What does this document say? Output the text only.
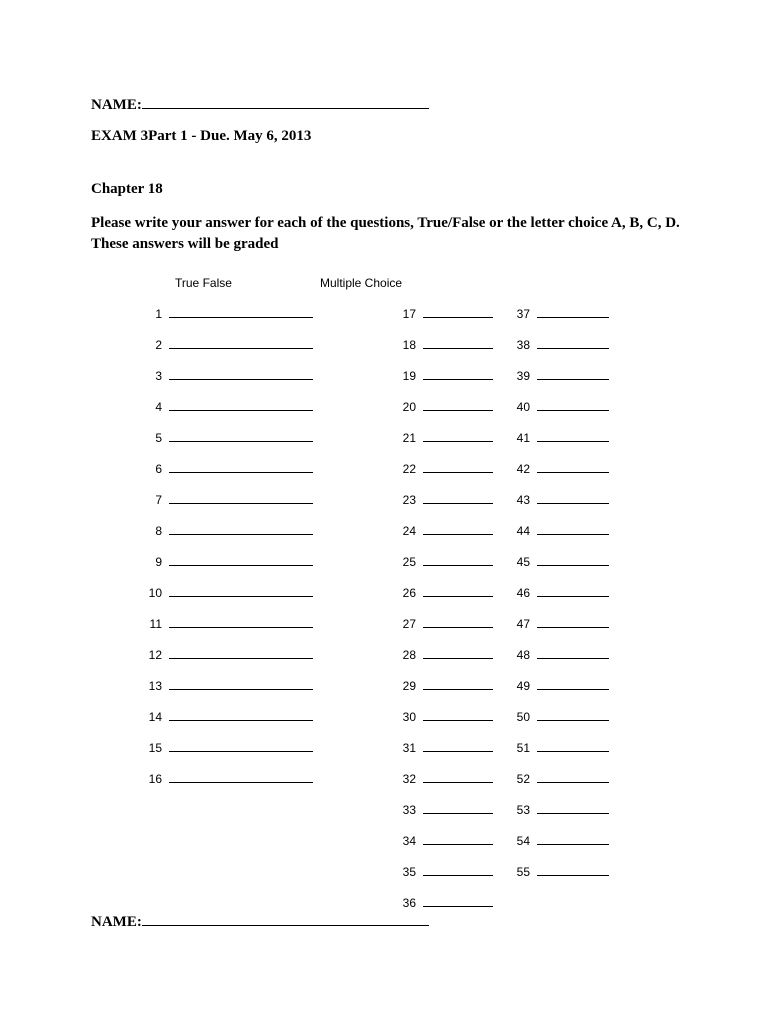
NAME:
EXAM 3Part 1 - Due. May 6, 2013
Chapter 18
Please write your answer for each of the questions, True/False or the letter choice A, B, C, D. These answers will be graded
True False	Multiple Choice
1
2
3
4
5
6
7
8
9
10
11
12
13
14
15
16
17
18
19
20
21
22
23
24
25
26
27
28
29
30
31
32
33
34
35
36
37
38
39
40
41
42
43
44
45
46
47
48
49
50
51
52
53
54
55
NAME:
